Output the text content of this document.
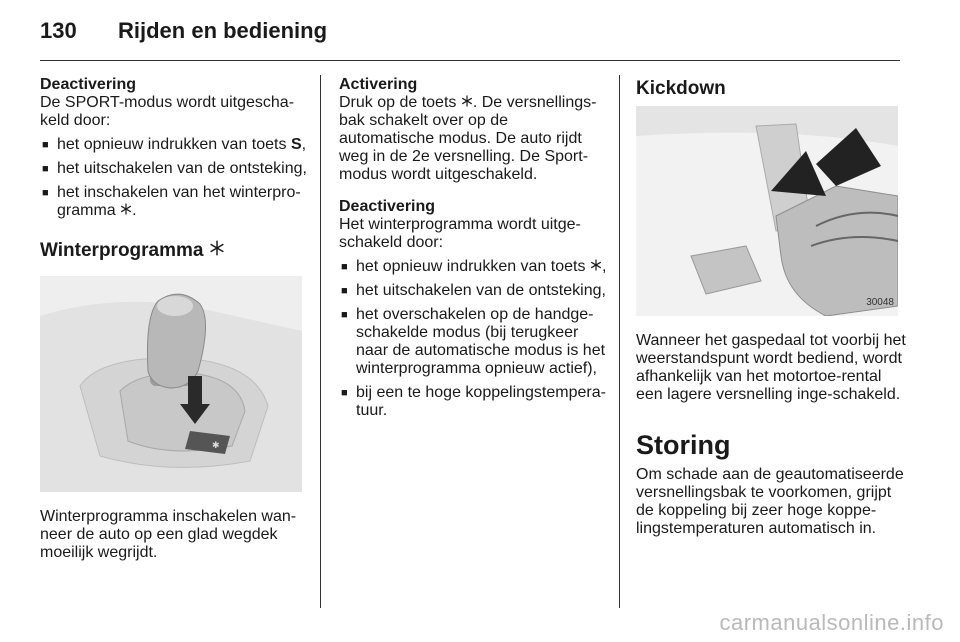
130	Rijden en bediening

Deactivering

De SPORT-modus wordt uitgescha-keld door:

■ het opnieuw indrukken van toets S,
■ het uitschakelen van de ontsteking,
■ het inschakelen van het winterpro-gramma .
Winterprogramma
✱

Winterprogramma inschakelen wan-neer de auto op een glad wegdek moeilijk wegrijdt.

Activering

Druk op de toets . De versnellings-bak schakelt over op de automatische modus. De auto rijdt weg in de 2e versnelling. De Sport-modus wordt uitgeschakeld.

Deactivering

Het winterprogramma wordt uitge-schakeld door:

■ het opnieuw indrukken van toets ,
■ het uitschakelen van de ontsteking,
■ het overschakelen op de handge-schakelde modus (bij terugkeer naar de automatische modus is het winterprogramma opnieuw actief),
■ bij een te hoge koppelingstempera-tuur.
Kickdown
30048

Wanneer het gaspedaal tot voorbij het weerstandspunt wordt bediend, wordt afhankelijk van het motortoe-rental een lagere versnelling inge-schakeld.

Storing

Om schade aan de geautomatiseerde versnellingsbak te voorkomen, grijpt de koppeling bij zeer hoge koppe-lingstemperaturen automatisch in.

carmanualsonline.info
